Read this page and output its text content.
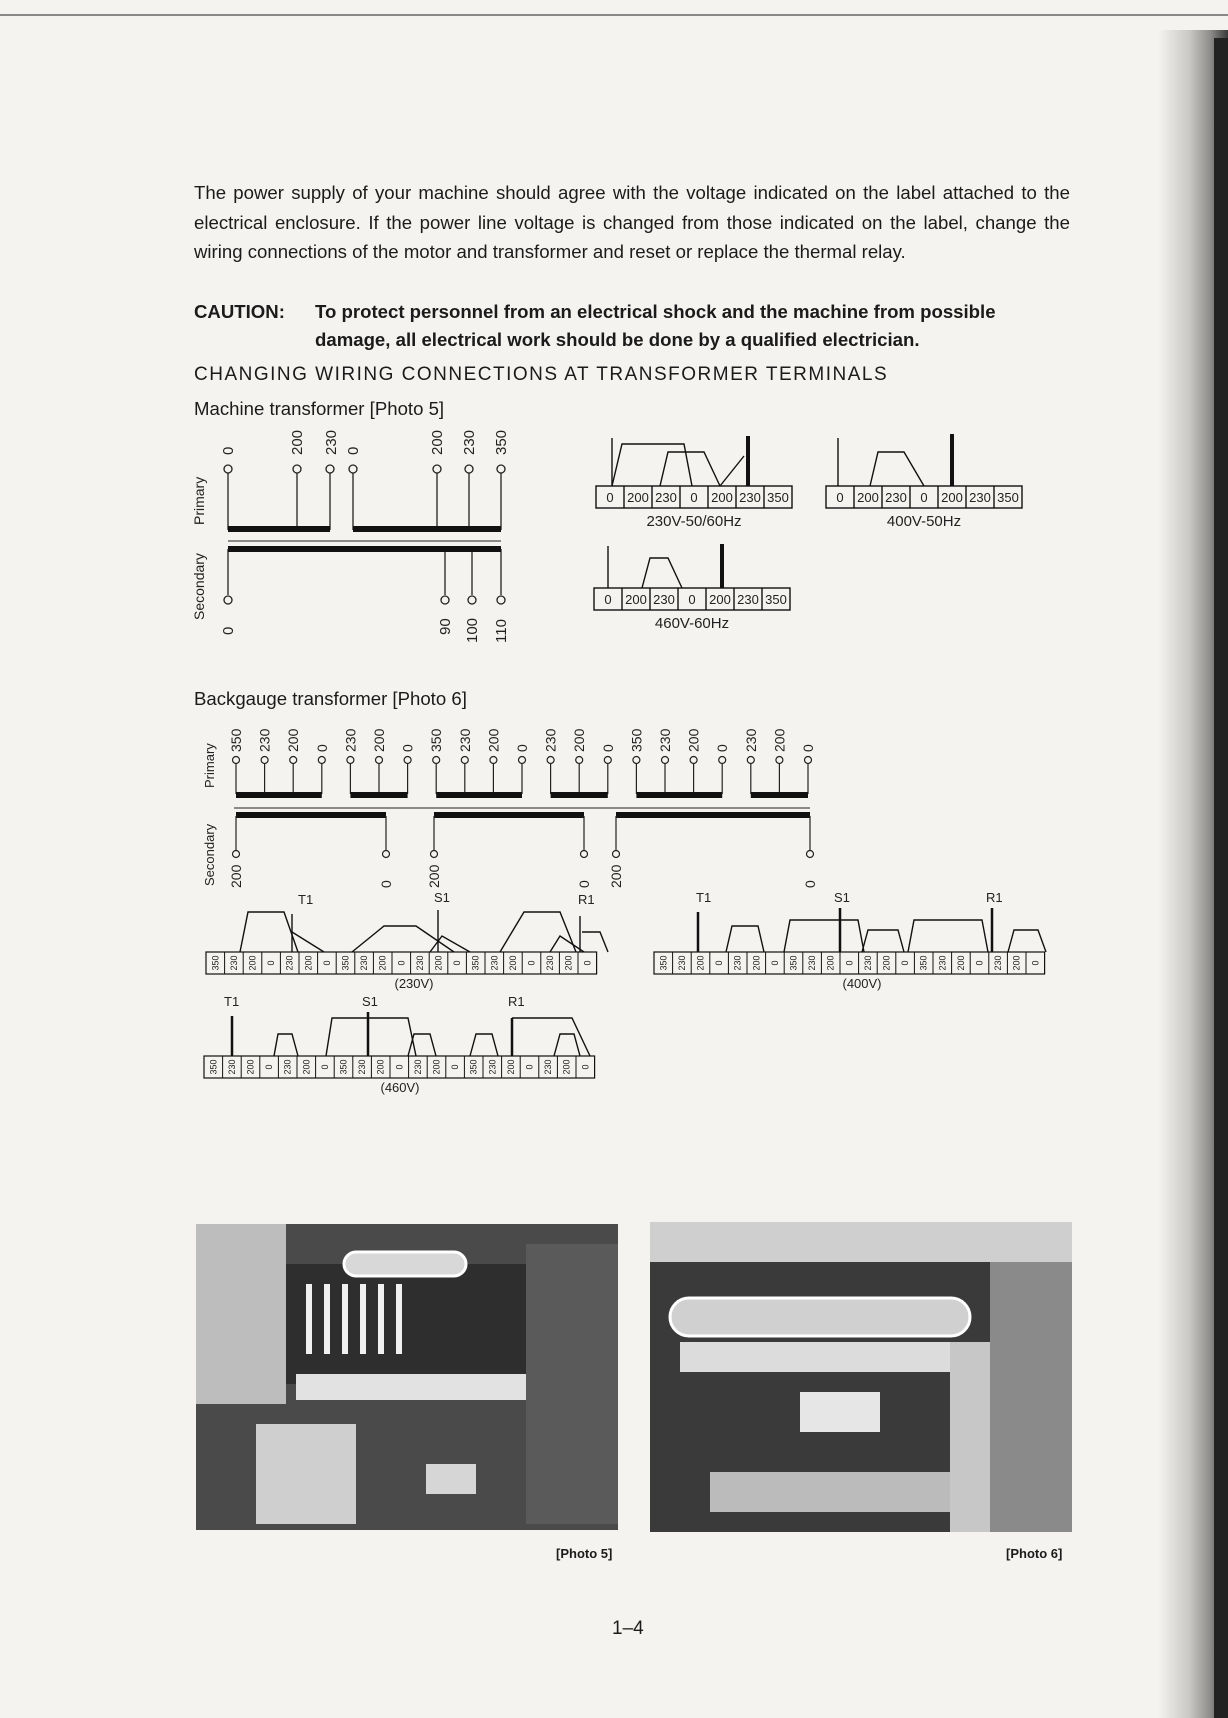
The power supply of your machine should agree with the voltage indicated on the label attached to the electrical enclosure. If the power line voltage is changed from those indicated on the label, change the wiring connections of the motor and transformer and reset or replace the thermal relay.
CAUTION: To protect personnel from an electrical shock and the machine from possible
damage, all electrical work should be done by a qualified electrician.
CHANGING WIRING CONNECTIONS AT TRANSFORMER TERMINALS
Machine transformer [Photo 5]
Primary
Secondary
0	200 230 0	200 230 350
0	90 100 110
0 200 230 0 200 230 350
230V-50/60Hz
0 200 230 0 200 230 350
400V-50Hz
0 200 230 0 200 230 350
460V-60Hz
Backgauge transformer [Photo 6]
Primary
Secondary
350 230 200 0 230 200 0 350 230 200 0 230 200 0 350 230 200 0 230 200 0
200	0 200	0 200	0
350 230 200 0 230 200 0 350 230 200 0 230 200 0 350 230 200 0 230 200 0
T1	S1	R1
(230V)
350 230 200 0 230 200 0 350 230 200 0 230 200 0 350 230 200 0 230 200 0
T1	S1	R1
(400V)
350 230 200 0 230 200 0 350 230 200 0 230 200 0 350 230 200 0 230 200 0
T1	S1	R1
(460V)
[Photo 5]	[Photo 6]
1–4
